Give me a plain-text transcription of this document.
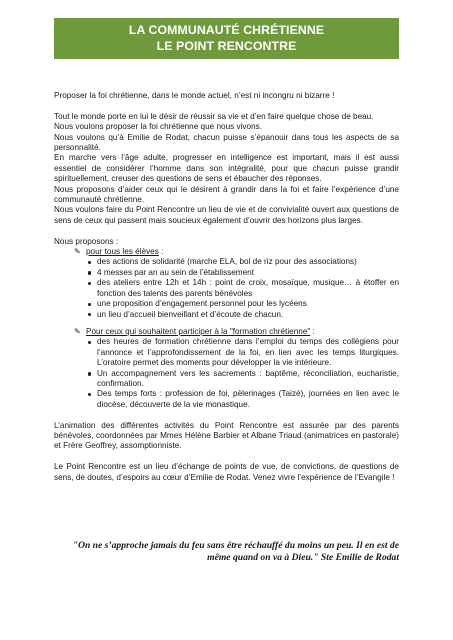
LA COMMUNAUTÉ CHRÉTIENNE
LE POINT RENCONTRE

Proposer la foi chrétienne, dans le monde actuel, n’est ni incongru ni bizarre !

Tout le monde porte en lui le désir de réussir sa vie et d’en faire quelque chose de beau.

Nous voulons proposer la foi chrétienne que nous vivons.

Nous voulons qu’à Emilie de Rodat, chacun puisse s’épanouir dans tous les aspects de sa personnalité.

En marche vers l’âge adulte, progresser en intelligence est important, mais il est aussi essentiel de considérer l’homme dans son intégralité, pour que chacun puisse grandir spirituellement, creuser des questions de sens et ébaucher des réponses.

Nous proposons d’aider ceux qui le désirent à grandir dans la foi et faire l’expérience d’une communauté chrétienne.

Nous voulons faire du Point Rencontre un lieu de vie et de convivialité ouvert aux questions de sens de ceux qui passent mais soucieux également d’ouvrir des horizons plus larges.

Nous proposons :

✎ pour tous les élèves :
des actions de solidarité (marche ELA, bol de riz pour des associations)
4 messes par an au sein de l’établissement
des ateliers entre 12h et 14h : point de croix, mosaïque, musique… à étoffer en fonction des talents des parents bénévoles
une proposition d’engagement personnel pour les lycéens
un lieu d’accueil bienveillant et d’écoute de chacun.
✎ Pour ceux qui souhaitent participer à la "formation chrétienne" :
des heures de formation chrétienne dans l’emploi du temps des collégiens pour l’annonce et l’approfondissement de la foi, en lien avec les temps liturgiques. L’oratoire permet des moments pour développer la vie intérieure.
Un accompagnement vers les sacrements : baptême, réconciliation, eucharistie, confirmation.
Des temps forts : profession de foi, pèlerinages (Taizé), journées en lien avec le diocèse, découverte de la vie monastique.

L’animation des différentes activités du Point Rencontre est assurée par des parents bénévoles, coordonnées par Mmes Hélène Barbier et Albane Triaud (animatrices en pastorale) et Frère Geoffrey, assomptionniste.

Le Point Rencontre est un lieu d’échange de points de vue, de convictions, de questions de sens, de doutes, d’espoirs au cœur d’Emilie de Rodat. Venez vivre l’expérience de l’Evangile !

"On ne s’approche jamais du feu sans être réchauffé du moins un peu. Il en est de
même quand on va à Dieu." Ste Emilie de Rodat
